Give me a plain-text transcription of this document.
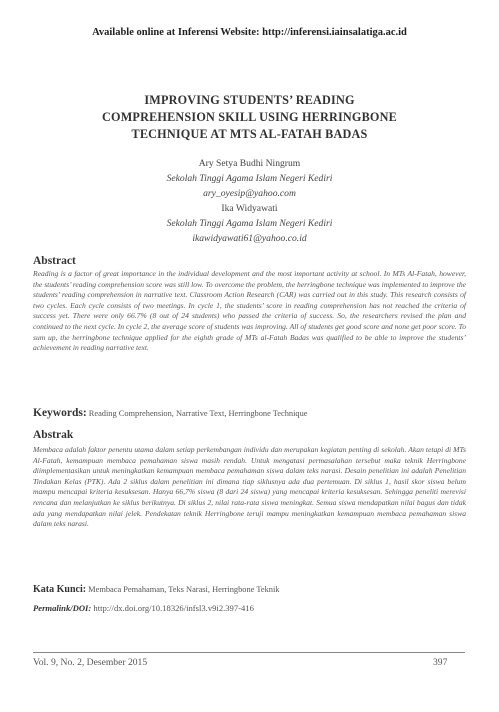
Available online at Inferensi Website: http://inferensi.iainsalatiga.ac.id
IMPROVING STUDENTS’ READING
COMPREHENSION SKILL USING HERRINGBONE
TECHNIQUE AT MTS AL-FATAH BADAS
Ary Setya Budhi Ningrum
Sekolah Tinggi Agama Islam Negeri Kediri
ary_oyesip@yahoo.com
Ika Widyawati
Sekolah Tinggi Agama Islam Negeri Kediri
ikawidyawati61@yahoo.co.id
Abstract
Reading is a factor of great importance in the individual development and the most important activity at school. In MTs Al-Fatah, however, the students’ reading comprehension score was still low. To overcome the problem, the herringbone technique was implemented to improve the students’ reading comprehension in narrative text. Classroom Action Research (CAR) was carried out in this study. This research consists of two cycles. Each cycle consists of two meetings. In cycle 1, the students’ score in reading comprehension has not reached the criteria of success yet. There were only 66.7% (8 out of 24 students) who passed the criteria of success. So, the researchers revised the plan and continued to the next cycle. In cycle 2, the average score of students was improving. All of students get good score and none get poor score. To sum up, the herringbone technique applied for the eighth grade of MTs al-Fatah Badas was qualified to be able to improve the students’ achievement in reading narrative text.
Keywords: Reading Comprehension, Narrative Text, Herringbone Technique
Abstrak
Membaca adalah faktor penentu utama dalam setiap perkembangan individu dan merupakan kegiatan penting di sekolah. Akan tetapi di MTs Al-Fatah, kemampuan membaca pemahaman siswa masih rendah. Untuk mengatasi permasalahan tersebut maka teknik Herringbone diimplementasikan untuk meningkatkan kemampuan membaca pemahaman siswa dalam teks narasi. Desain penelitian ini adalah Penelitian Tindakan Kelas (PTK). Ada 2 siklus dalam penelitian ini dimana tiap siklusnya ada dua pertemuan. Di siklus 1, hasil skor siswa belum mampu mencapai kriteria kesuksesan. Hanya 66,7% siswa (8 dari 24 siswa) yang mencapai kriteria kesuksesan. Sehingga peneliti merevisi rencana dan melanjutkan ke siklus berikutnya. Di siklus 2, nilai rata-rata siswa meningkat. Semua siswa mendapatkan nilai bagus dan tidak ada yang mendapatkan nilai jelek. Pendekatan teknik Herringbone teruji mampu meningkatkan kemampuan membaca pemahaman siswa dalam teks narasi.
Kata Kunci: Membaca Pemahaman, Teks Narasi, Herringbone Teknik
Permalink/DOI: http://dx.doi.org/10.18326/infsl3.v9i2.397-416
Vol. 9, No. 2, Desember 2015	397
